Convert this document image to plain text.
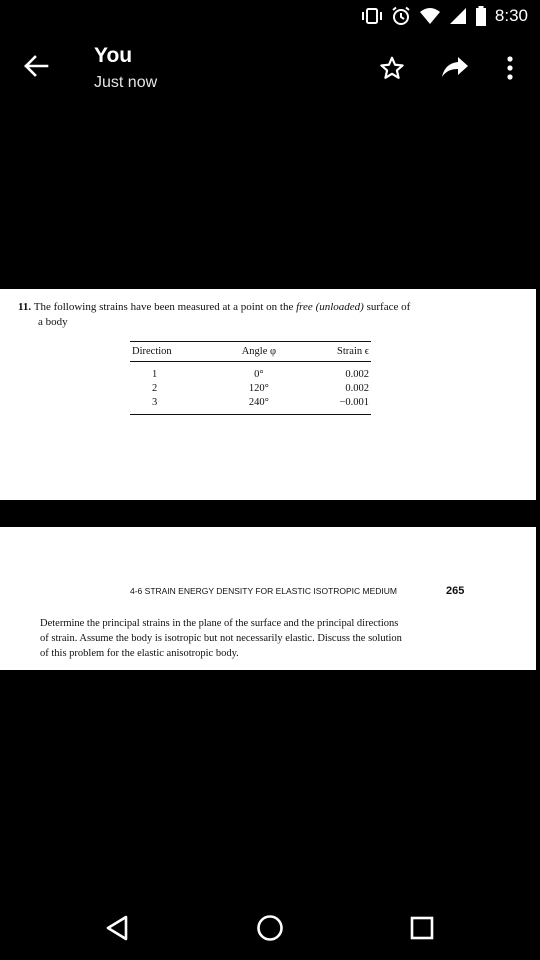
8:30
You
Just now
11. The following strains have been measured at a point on the free (unloaded) surface of
a body
Direction	Angle φ	Strain ϵ
1	0°	0.002
2	120°	0.002
3	240°	−0.001
4-6 STRAIN ENERGY DENSITY FOR ELASTIC ISOTROPIC MEDIUM	265
Determine the principal strains in the plane of the surface and the principal directions
of strain. Assume the body is isotropic but not necessarily elastic. Discuss the solution
of this problem for the elastic anisotropic body.
